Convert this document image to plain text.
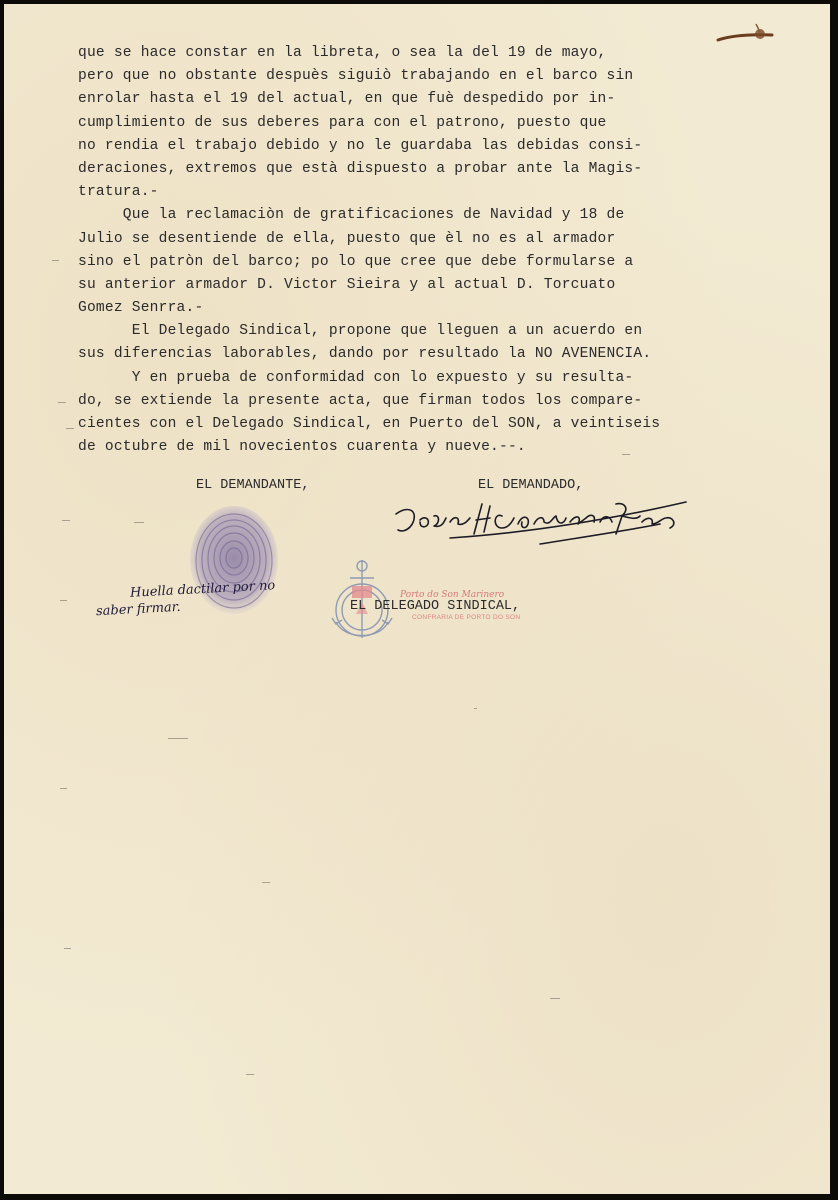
que se hace constar en la libreta, o sea la del 19 de mayo,
pero que no obstante despuès siguiò trabajando en el barco sin
enrolar hasta el 19 del actual, en que fuè despedido por in-
cumplimiento de sus deberes para con el patrono, puesto que
no rendia el trabajo debido y no le guardaba las debidas consi-
deraciones, extremos que està dispuesto a probar ante la Magis-
tratura.-
Que la reclamaciòn de gratificaciones de Navidad y 18 de
Julio se desentiende de ella, puesto que èl no es al armador
sino el patròn del barco; po lo que cree que debe formularse a
su anterior armador D. Victor Sieira y al actual D. Torcuato
Gomez Senrra.-
El Delegado Sindical, propone que lleguen a un acuerdo en
sus diferencias laborables, dando por resultado la NO AVENENCIA.
Y en prueba de conformidad con lo expuesto y su resulta-
do, se extiende la presente acta, que firman todos los compare-
cientes con el Delegado Sindical, en Puerto del SON, a veintiseis
de octubre de mil novecientos cuarenta y nueve.--.
EL DEMANDANTE,	EL DEMANDADO,
Huella dactilar por no
saber firmar.
Porto do Son Marinero
CONFRARIA DE PORTO DO SON
EL DELEGADO SINDICAL,
